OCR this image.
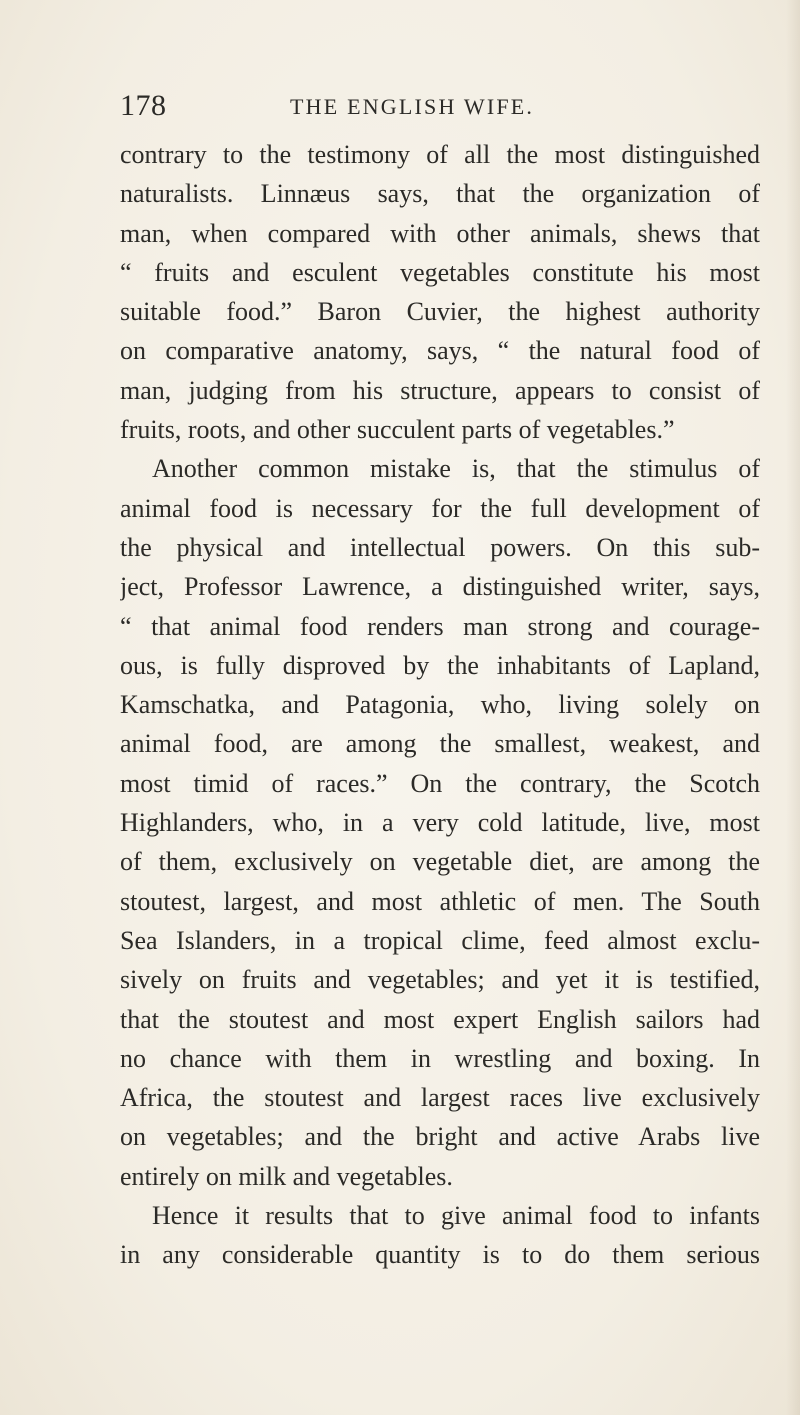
178	THE ENGLISH WIFE.
contrary to the testimony of all the most distinguished
naturalists. Linnæus says, that the organization of
man, when compared with other animals, shews that
“ fruits and esculent vegetables constitute his most
suitable food.” Baron Cuvier, the highest authority
on comparative anatomy, says, “ the natural food of
man, judging from his structure, appears to consist of
fruits, roots, and other succulent parts of vegetables.”
Another common mistake is, that the stimulus of
animal food is necessary for the full development of
the physical and intellectual powers. On this sub-
ject, Professor Lawrence, a distinguished writer, says,
“ that animal food renders man strong and courage-
ous, is fully disproved by the inhabitants of Lapland,
Kamschatka, and Patagonia, who, living solely on
animal food, are among the smallest, weakest, and
most timid of races.” On the contrary, the Scotch
Highlanders, who, in a very cold latitude, live, most
of them, exclusively on vegetable diet, are among the
stoutest, largest, and most athletic of men. The South
Sea Islanders, in a tropical clime, feed almost exclu-
sively on fruits and vegetables; and yet it is testified,
that the stoutest and most expert English sailors had
no chance with them in wrestling and boxing. In
Africa, the stoutest and largest races live exclusively
on vegetables; and the bright and active Arabs live
entirely on milk and vegetables.
Hence it results that to give animal food to infants
in any considerable quantity is to do them serious
